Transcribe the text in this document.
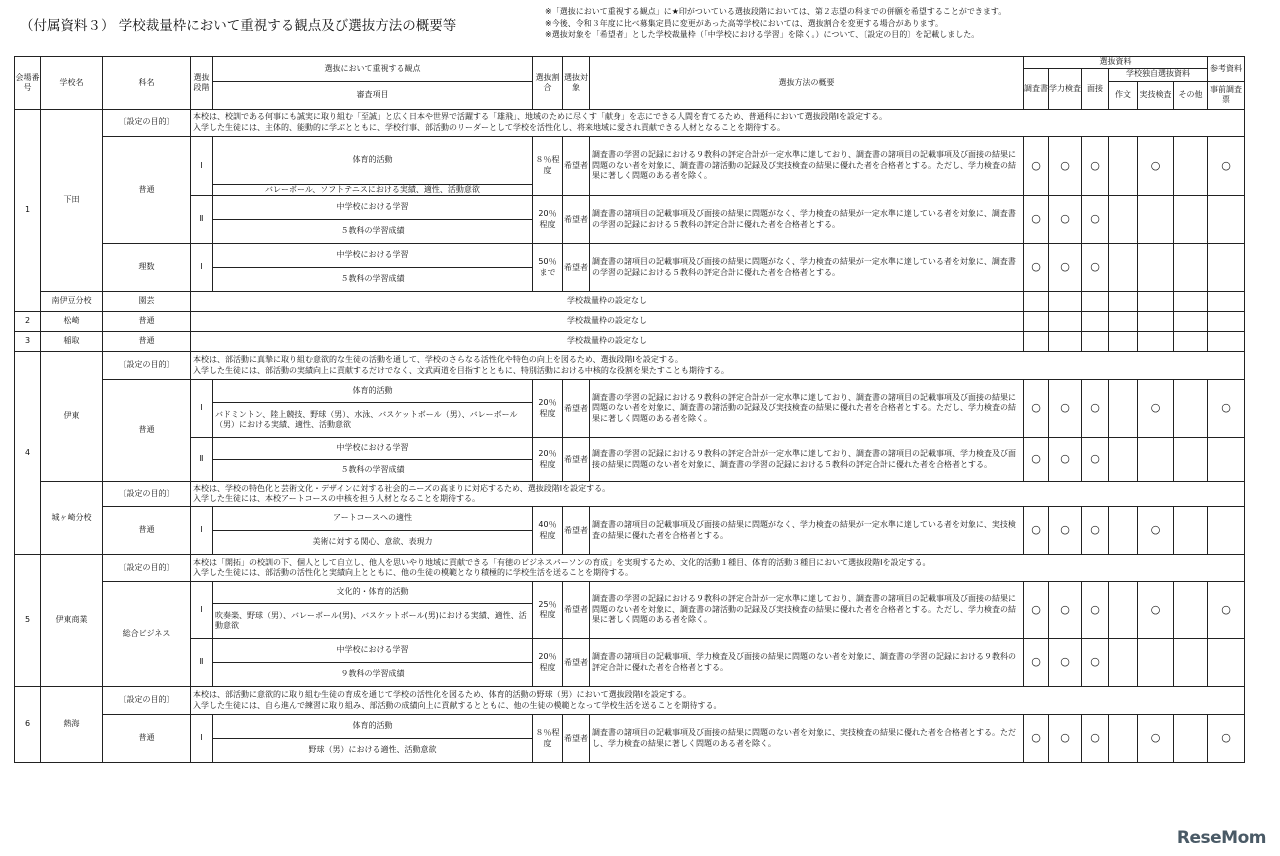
（付属資料３） 学校裁量枠において重視する観点及び選抜方法の概要等
※「選抜において重視する観点」に★印がついている選抜段階においては、第２志望の科までの併願を希望することができます。
※今後、令和３年度に比べ募集定員に変更があった高等学校においては、選抜割合を変更する場合があります。
※選抜対象を「希望者」とした学校裁量枠（「中学校における学習」を除く。）について、〔設定の目的〕を記載しました。
会場番号	学校名	科名	選抜段階	選抜において重視する観点	選抜割合	選抜対象	選抜方法の概要	選抜資料						参考資料
								調査書	学力検査	面接	学校独自選抜資料			
				審査項目							作文	実技検査	その他	事前調査票

1	下田	〔設定の目的〕	本校は、校訓である何事にも誠実に取り組む「至誠」と広く日本や世界で活躍する「雄飛」、地域のために尽くす「献身」を志にできる人間を育てるため、普通科において選抜段階Ⅰを設定する。
入学した生徒には、主体的、能動的に学ぶとともに、学校行事、部活動のリーダーとして学校を活性化し、将来地域に愛され貢献できる人材となることを期待する。											
		普通	Ⅰ	体育的活動	８％程度	希望者	調査書の学習の記録における９教科の評定合計が一定水準に達しており、調査書の諸項目の記載事項及び面接の結果に問題のない者を対象に、調査書の諸活動の記録及び実技検査の結果に優れた者を合格者とする。ただし、学力検査の結果に著しく問題のある者を除く。	○	○	○		○		○
				バレーボール、ソフトテニスにおける実績、適性、活動意欲										
			Ⅱ	中学校における学習	20％程度	希望者	調査書の諸項目の記載事項及び面接の結果に問題がなく、学力検査の結果が一定水準に達している者を対象に、調査書の学習の記録における５教科の評定合計に優れた者を合格者とする。	○	○	○				
				５教科の学習成績										
		理数	Ⅰ	中学校における学習	50％まで	希望者	調査書の諸項目の記載事項及び面接の結果に問題がなく、学力検査の結果が一定水準に達している者を対象に、調査書の学習の記録における５教科の評定合計に優れた者を合格者とする。	○	○	○				
				５教科の学習成績										
	南伊豆分校	園芸	学校裁量枠の設定なし											
2	松崎	普通	学校裁量枠の設定なし											
3	稲取	普通	学校裁量枠の設定なし											
4	伊東	〔設定の目的〕	本校は、部活動に真摯に取り組む意欲的な生徒の活動を通して、学校のさらなる活性化や特色の向上を図るため、選抜段階Ⅰを設定する。
入学した生徒には、部活動の実績向上に貢献するだけでなく、文武両道を目指すとともに、特別活動における中核的な役割を果たすことも期待する。											
		普通	Ⅰ	体育的活動	20％程度	希望者	調査書の学習の記録における９教科の評定合計が一定水準に達しており、調査書の諸項目の記載事項及び面接の結果に問題のない者を対象に、調査書の諸活動の記録及び実技検査の結果に優れた者を合格者とする。ただし、学力検査の結果に著しく問題のある者を除く。	○	○	○		○		○
				バドミントン、陸上競技、野球（男）、水泳、バスケットボール（男）、バレーボール（男）における実績、適性、活動意欲										
			Ⅱ	中学校における学習	20％程度	希望者	調査書の学習の記録における９教科の評定合計が一定水準に達しており、調査書の諸項目の記載事項、学力検査及び面接の結果に問題のない者を対象に、調査書の学習の記録における５教科の評定合計に優れた者を合格者とする。	○	○	○				
				５教科の学習成績										
	城ヶ崎分校	〔設定の目的〕	本校は、学校の特色化と芸術文化・デザインに対する社会的ニーズの高まりに対応するため、選抜段階Ⅰを設定する。
入学した生徒には、本校アートコースの中核を担う人材となることを期待する。											
		普通	Ⅰ	アートコースへの適性	40％程度	希望者	調査書の諸項目の記載事項及び面接の結果に問題がなく、学力検査の結果が一定水準に達している者を対象に、実技検査の結果に優れた者を合格者とする。	○	○	○		○		
				美術に対する関心、意欲、表現力										
5	伊東商業	〔設定の目的〕	本校は「開拓」の校訓の下、個人として自立し、他人を思いやり地域に貢献できる「有徳のビジネスパーソンの育成」を実現するため、文化的活動１種目、体育的活動３種目において選抜段階Ⅰを設定する。
入学した生徒には、部活動の活性化と実績向上とともに、他の生徒の模範となり積極的に学校生活を送ることを期待する。											
		総合ビジネス	Ⅰ	文化的・体育的活動	25％程度	希望者	調査書の学習の記録における９教科の評定合計が一定水準に達しており、調査書の諸項目の記載事項及び面接の結果に問題のない者を対象に、調査書の諸活動の記録及び実技検査の結果に優れた者を合格者とする。ただし、学力検査の結果に著しく問題のある者を除く。	○	○	○		○		○
				吹奏楽、野球（男）、バレーボール(男)、バスケットボール(男)における実績、適性、活動意欲										
			Ⅱ	中学校における学習	20％程度	希望者	調査書の諸項目の記載事項、学力検査及び面接の結果に問題のない者を対象に、調査書の学習の記録における９教科の評定合計に優れた者を合格者とする。	○	○	○				
				９教科の学習成績										
6	熱海	〔設定の目的〕	本校は、部活動に意欲的に取り組む生徒の育成を通じて学校の活性化を図るため、体育的活動の野球（男）において選抜段階Ⅰを設定する。
入学した生徒には、自ら進んで練習に取り組み、部活動の成績向上に貢献するとともに、他の生徒の模範となって学校生活を送ることを期待する。											
		普通	Ⅰ	体育的活動	８％程度	希望者	調査書の諸項目の記載事項及び面接の結果に問題のない者を対象に、実技検査の結果に優れた者を合格者とする。ただし、学力検査の結果に著しく問題のある者を除く。	○	○	○		○		○
				野球（男）における適性、活動意欲										
ReseMom
